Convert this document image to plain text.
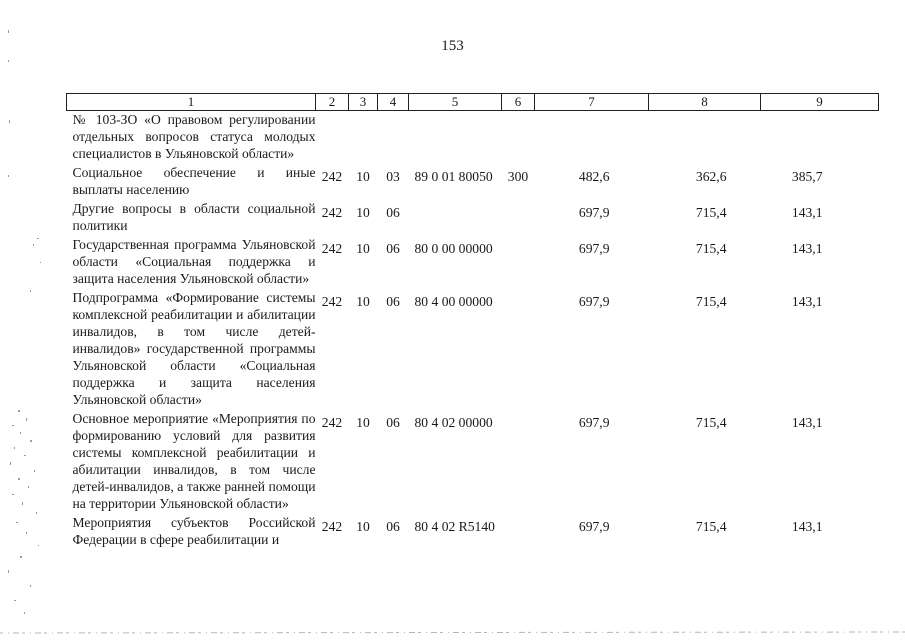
153
1	2	3	4	5	6	7	8	9
№ 103-ЗО «О правовом регулировании отдельных вопросов статуса молодых специалистов в Ульяновской области»								
Социальное обеспечение и иные выплаты населению	242	10	03	89 0 01 80050	300	482,6	362,6	385,7
Другие вопросы в области социальной политики	242	10	06			697,9	715,4	143,1
Государственная программа Ульяновской области «Социальная поддержка и защита населения Ульяновской области»	242	10	06	80 0 00 00000		697,9	715,4	143,1
Подпрограмма «Формирование системы комплексной реабилитации и абилитации инвалидов, в том числе детей-инвалидов» государственной программы Ульяновской области «Социальная поддержка и защита населения Ульяновской области»	242	10	06	80 4 00 00000		697,9	715,4	143,1
Основное мероприятие «Мероприятия по формированию условий для развития системы комплексной реабилитации и абилитации инвалидов, в том числе детей-инвалидов, а также ранней помощи на территории Ульяновской области»	242	10	06	80 4 02 00000		697,9	715,4	143,1
Мероприятия субъектов Российской Федерации в сфере реабилитации и	242	10	06	80 4 02 R5140		697,9	715,4	143,1
